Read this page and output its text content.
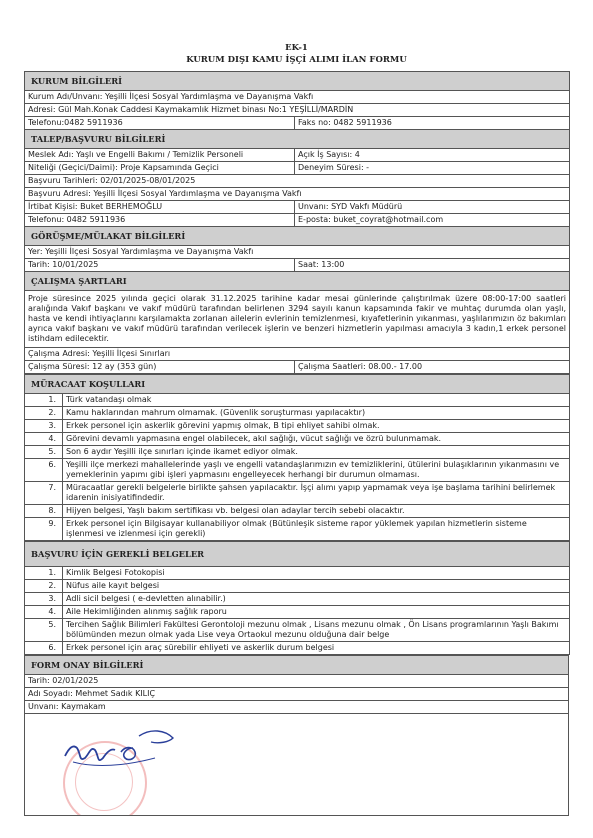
EK-1
KURUM DIŞI KAMU İŞÇİ ALIMI İLAN FORMU
KURUM BİLGİLERİ	
Kurum Adı/Unvanı: Yeşilli İlçesi Sosyal Yardımlaşma ve Dayanışma Vakfı	
Adresi: Gül Mah.Konak Caddesi Kaymakamlık Hizmet binası No:1 YEŞİLLİ/MARDİN	
Telefonu:0482 5911936	Faks no: 0482 5911936
TALEP/BAŞVURU BİLGİLERİ	
Meslek Adı: Yaşlı ve Engelli Bakımı / Temizlik Personeli	Açık İş Sayısı: 4
Niteliği (Geçici/Daimi): Proje Kapsamında Geçici	Deneyim Süresi: -
Başvuru Tarihleri: 02/01/2025-08/01/2025	
Başvuru Adresi: Yeşilli İlçesi Sosyal Yardımlaşma ve Dayanışma Vakfı	
İrtibat Kişisi: Buket BERHEMOĞLU	Unvanı: SYD Vakfı Müdürü
Telefonu: 0482 5911936	E-posta: buket_coyrat@hotmail.com
GÖRÜŞME/MÜLAKAT BİLGİLERİ	
Yer: Yeşilli İlçesi Sosyal Yardımlaşma ve Dayanışma Vakfı	
Tarih: 10/01/2025	Saat: 13:00
ÇALIŞMA ŞARTLARI	
Proje süresince 2025 yılında geçici olarak 31.12.2025 tarihine kadar mesai günlerinde çalıştırılmak üzere 08:00-17:00 saatleri aralığında Vakıf başkanı ve vakıf müdürü tarafından belirlenen 3294 sayılı kanun kapsamında fakir ve muhtaç durumda olan yaşlı, hasta ve kendi ihtiyaçlarını karşılamakta zorlanan ailelerin evlerinin temizlenmesi, kıyafetlerinin yıkanması, yaşlılarımızın öz bakımları ayrıca vakıf başkanı ve vakıf müdürü tarafından verilecek işlerin ve benzeri hizmetlerin yapılması amacıyla 3 kadın,1 erkek personel istihdam edilecektir.	
Çalışma Adresi: Yeşilli İlçesi Sınırları	
Çalışma Süresi: 12 ay (353 gün)	Çalışma Saatleri: 08.00.- 17.00
MÜRACAAT KOŞULLARI	
1.	Türk vatandaşı olmak
2.	Kamu haklarından mahrum olmamak. (Güvenlik soruşturması yapılacaktır)
3.	Erkek personel için askerlik görevini yapmış olmak, B tipi ehliyet sahibi olmak.
4.	Görevini devamlı yapmasına engel olabilecek, akıl sağlığı, vücut sağlığı ve özrü bulunmamak.
5.	Son 6 aydır Yeşilli ilçe sınırları içinde ikamet ediyor olmak.
6.	Yeşilli ilçe merkezi mahallelerinde yaşlı ve engelli vatandaşlarımızın ev temizliklerini, ütülerini bulaşıklarının yıkanmasını ve yemeklerinin yapımı gibi işleri yapmasını engelleyecek herhangi bir durumun olmaması.
7.	Müracaatlar gerekli belgelerle birlikte şahsen yapılacaktır. İşçi alımı yapıp yapmamak veya işe başlama tarihini belirlemek idarenin inisiyatifindedir.
8.	Hijyen belgesi, Yaşlı bakım sertifikası vb. belgesi olan adaylar tercih sebebi olacaktır.
9.	Erkek personel için Bilgisayar kullanabiliyor olmak (Bütünleşik sisteme rapor yüklemek yapılan hizmetlerin sisteme işlenmesi ve izlenmesi için gerekli)
BAŞVURU İÇİN GEREKLİ BELGELER	
1.	Kimlik Belgesi Fotokopisi
2.	Nüfus aile kayıt belgesi
3.	Adli sicil belgesi ( e-devletten alınabilir.)
4.	Aile Hekimliğinden alınmış sağlık raporu
5.	Tercihen Sağlık Bilimleri Fakültesi Gerontoloji mezunu olmak , Lisans mezunu olmak , Ön Lisans programlarının Yaşlı Bakımı bölümünden mezun olmak yada Lise veya Ortaokul mezunu olduğuna dair belge
6.	Erkek personel için araç sürebilir ehliyeti ve askerlik durum belgesi
FORM ONAY BİLGİLERİ
Tarih: 02/01/2025
Adı Soyadı: Mehmet Sadık KILIÇ
Unvanı: Kaymakam
